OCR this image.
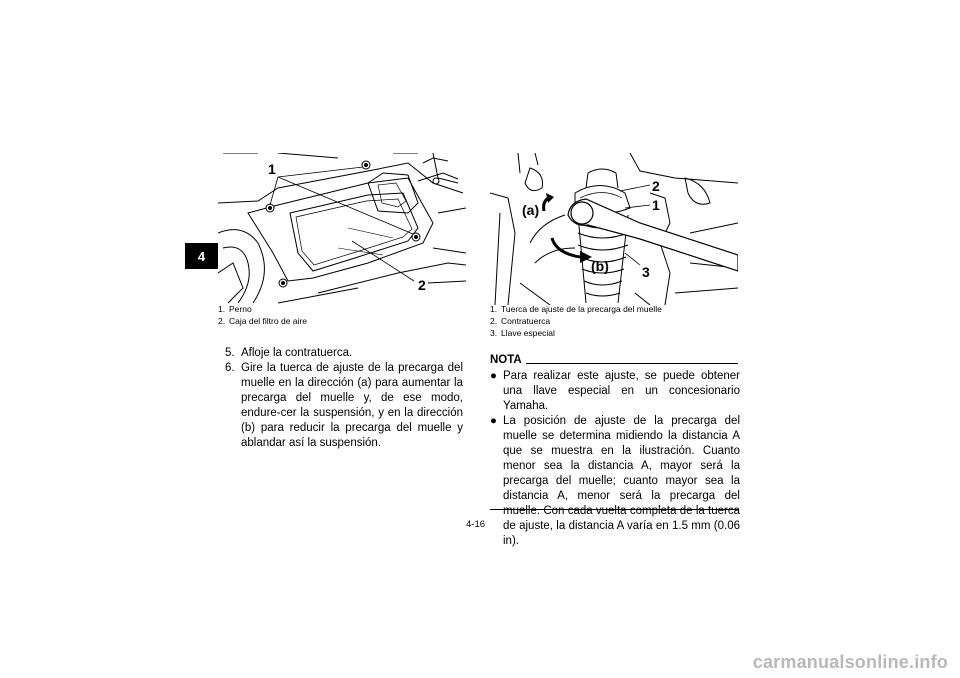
4
1
2
1. Perno
2. Caja del filtro de aire
5. Afloje la contratuerca.
6. Gire la tuerca de ajuste de la precarga del muelle en la dirección (a) para aumentar la precarga del muelle y, de ese modo, endure-cer la suspensión, y en la dirección (b) para reducir la precarga del muelle y ablandar así la suspensión.
2
1
(a)
(b) 3
1. Tuerca de ajuste de la precarga del muelle
2. Contratuerca
3. Llave especial
NOTA
● Para realizar este ajuste, se puede obtener una llave especial en un concesionario Yamaha.
● La posición de ajuste de la precarga del muelle se determina midiendo la distancia A que se muestra en la ilustración. Cuanto menor sea la distancia A, mayor será la precarga del muelle; cuanto mayor sea la distancia A, menor será la precarga del muelle. Con cada vuelta completa de la tuerca de ajuste, la distancia A varía en 1.5 mm (0.06 in).
4-16
carmanualsonline.info
